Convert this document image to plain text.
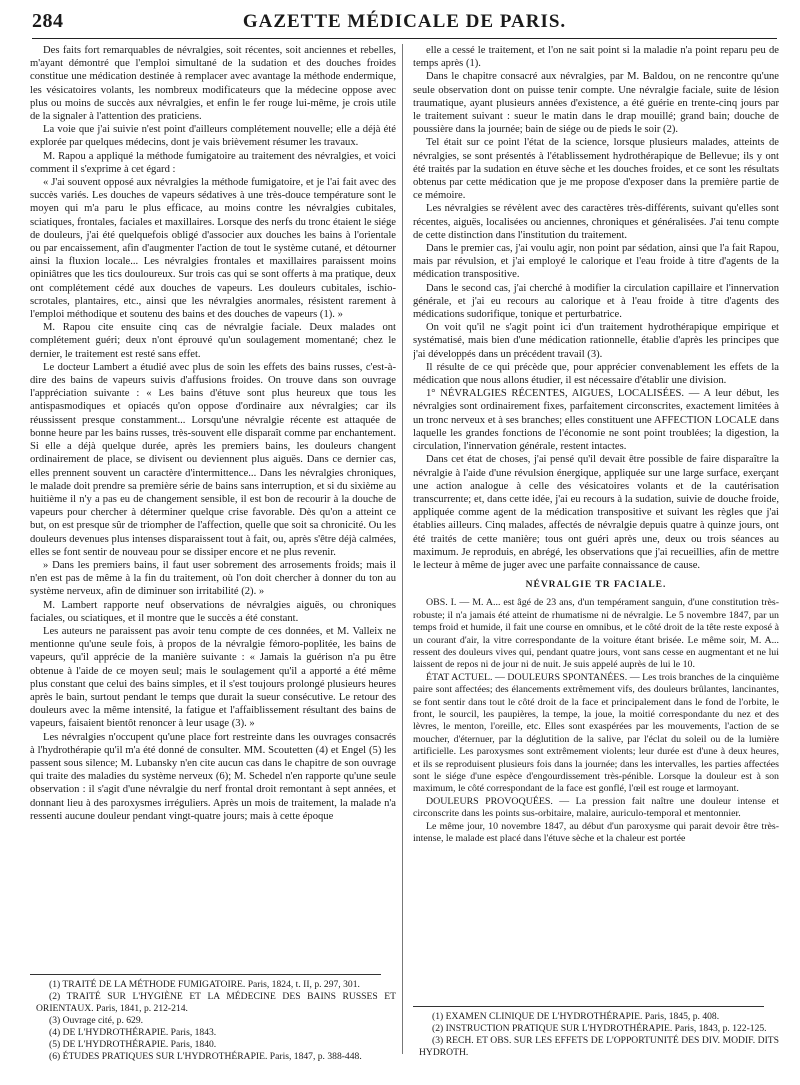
284	GAZETTE MÉDICALE DE PARIS.

Des faits fort remarquables de névralgies, soit récentes, soit anciennes et rebelles, m'ayant démontré que l'emploi simultané de la sudation et des douches froides constitue une médication destinée à remplacer avec avantage la méthode endermique, les vésicatoires volants, les nombreux modificateurs que la médecine oppose avec plus ou moins de succès aux névralgies, et enfin le fer rouge lui-même, je crois utile de la signaler à l'attention des praticiens.

La voie que j'ai suivie n'est point d'ailleurs complétement nouvelle; elle a déjà été explorée par quelques médecins, dont je vais brièvement résumer les travaux.

M. Rapou a appliqué la méthode fumigatoire au traitement des névralgies, et voici comment il s'exprime à cet égard :

« J'ai souvent opposé aux névralgies la méthode fumigatoire, et je l'ai fait avec des succès variés. Les douches de vapeurs sédatives à une très-douce température sont le moyen qui m'a paru le plus efficace, au moins contre les névralgies cubitales, sciatiques, frontales, faciales et maxillaires. Lorsque des nerfs du tronc étaient le siége de douleurs, j'ai été quelquefois obligé d'associer aux douches les bains à l'orientale ou par encaissement, afin d'augmenter l'action de tout le système cutané, et détourner ainsi la fluxion locale... Les névralgies frontales et maxillaires paraissent moins opiniâtres que les tics douloureux. Sur trois cas qui se sont offerts à ma pratique, deux ont complétement cédé aux douches de vapeurs. Les douleurs cubitales, ischio-scrotales, plantaires, etc., ainsi que les névralgies anormales, résistent rarement à l'emploi méthodique et soutenu des bains et des douches de vapeurs (1). »

M. Rapou cite ensuite cinq cas de névralgie faciale. Deux malades ont complétement guéri; deux n'ont éprouvé qu'un soulagement momentané; chez le dernier, le traitement est resté sans effet.

Le docteur Lambert a étudié avec plus de soin les effets des bains russes, c'est-à-dire des bains de vapeurs suivis d'affusions froides. On trouve dans son ouvrage l'appréciation suivante : « Les bains d'étuve sont plus heureux que tous les antispasmodiques et opiacés qu'on oppose d'ordinaire aux névralgies; car ils réussissent presque constamment... Lorsqu'une névralgie récente est attaquée de bonne heure par les bains russes, très-souvent elle disparaît comme par enchantement. Si elle a déjà quelque durée, après les premiers bains, les douleurs changent ordinairement de place, se divisent ou deviennent plus aiguës. Dans ce dernier cas, elles prennent souvent un caractère d'intermittence... Dans les névralgies chroniques, le malade doit prendre sa première série de bains sans interruption, et si du sixième au huitième il n'y a pas eu de changement sensible, il est bon de recourir à la douche de vapeurs pour chercher à déterminer quelque crise favorable. Dès qu'on a atteint ce but, on est presque sûr de triompher de l'affection, quelle que soit sa chronicité. Ou les douleurs devenues plus intenses disparaissent tout à fait, ou, après s'être déjà calmées, elles se font sentir de nouveau pour se dissiper encore et ne plus revenir.

» Dans les premiers bains, il faut user sobrement des arrosements froids; mais il n'en est pas de même à la fin du traitement, où l'on doit chercher à donner du ton au système nerveux, afin de diminuer son irritabilité (2). »

M. Lambert rapporte neuf observations de névralgies aiguës, ou chroniques faciales, ou sciatiques, et il montre que le succès a été constant.

Les auteurs ne paraissent pas avoir tenu compte de ces données, et M. Valleix ne mentionne qu'une seule fois, à propos de la névralgie fémoro-poplitée, les bains de vapeurs, qu'il apprécie de la manière suivante : « Jamais la guérison n'a pu être obtenue à l'aide de ce moyen seul; mais le soulagement qu'il a apporté a été même plus constant que celui des bains simples, et il s'est toujours prolongé plusieurs heures après le bain, surtout pendant le temps que durait la sueur consécutive. Le retour des douleurs avec la même intensité, la fatigue et l'affaiblissement résultant des bains de vapeurs, faisaient bientôt renoncer à leur usage (3). »

Les névralgies n'occupent qu'une place fort restreinte dans les ouvrages consacrés à l'hydrothérapie qu'il m'a été donné de consulter. MM. Scoutetten (4) et Engel (5) les passent sous silence; M. Lubansky n'en cite aucun cas dans le chapitre de son ouvrage qui traite des maladies du système nerveux (6); M. Schedel n'en rapporte qu'une seule observation : il s'agit d'une névralgie du nerf frontal droit remontant à sept années, et donnant lieu à des paroxysmes irréguliers. Après un mois de traitement, la malade n'a ressenti aucune douleur pendant vingt-quatre jours; mais à cette époque

(1) TRAITÉ DE LA MÉTHODE FUMIGATOIRE. Paris, 1824, t. II, p. 297, 301.

(2) TRAITÉ SUR L'HYGIÈNE ET LA MÉDECINE DES BAINS RUSSES ET ORIENTAUX. Paris, 1841, p. 212-214.

(3) Ouvrage cité, p. 629.

(4) DE L'HYDROTHÉRAPIE. Paris, 1843.

(5) DE L'HYDROTHÉRAPIE. Paris, 1840.

(6) ÉTUDES PRATIQUES SUR L'HYDROTHÉRAPIE. Paris, 1847, p. 388-448.

elle a cessé le traitement, et l'on ne sait point si la maladie n'a point reparu peu de temps après (1).

Dans le chapitre consacré aux névralgies, par M. Baldou, on ne rencontre qu'une seule observation dont on puisse tenir compte. Une névralgie faciale, suite de lésion traumatique, ayant plusieurs années d'existence, a été guérie en trente-cinq jours par le traitement suivant : sueur le matin dans le drap mouillé; grand bain; douche de poussière dans la journée; bain de siége ou de pieds le soir (2).

Tel était sur ce point l'état de la science, lorsque plusieurs malades, atteints de névralgies, se sont présentés à l'établissement hydrothérapique de Bellevue; ils y ont été traités par la sudation en étuve sèche et les douches froides, et ce sont les résultats obtenus par cette médication que je me propose d'exposer dans la première partie de ce mémoire.

Les névralgies se révèlent avec des caractères très-différents, suivant qu'elles sont récentes, aiguës, localisées ou anciennes, chroniques et généralisées. J'ai tenu compte de cette distinction dans l'institution du traitement.

Dans le premier cas, j'ai voulu agir, non point par sédation, ainsi que l'a fait Rapou, mais par révulsion, et j'ai employé le calorique et l'eau froide à titre d'agents de la médication transpositive.

Dans le second cas, j'ai cherché à modifier la circulation capillaire et l'innervation générale, et j'ai eu recours au calorique et à l'eau froide à titre d'agents des médications sudorifique, tonique et perturbatrice.

On voit qu'il ne s'agit point ici d'un traitement hydrothérapique empirique et systématisé, mais bien d'une médication rationnelle, établie d'après les principes que j'ai développés dans un précédent travail (3).

Il résulte de ce qui précède que, pour apprécier convenablement les effets de la médication que nous allons étudier, il est nécessaire d'établir une division.

1° NÉVRALGIES RÉCENTES, AIGUES, LOCALISÉES. — A leur début, les névralgies sont ordinairement fixes, parfaitement circonscrites, exactement limitées à un tronc nerveux et à ses branches; elles constituent une AFFECTION LOCALE dans laquelle les grandes fonctions de l'économie ne sont point troublées; la digestion, la circulation, l'innervation générale, restent intactes.

Dans cet état de choses, j'ai pensé qu'il devait être possible de faire disparaître la névralgie à l'aide d'une révulsion énergique, appliquée sur une large surface, exerçant une action analogue à celle des vésicatoires volants et de la cautérisation transcurrente; et, dans cette idée, j'ai eu recours à la sudation, suivie de douche froide, appliquée comme agent de la médication transpositive et suivant les règles que j'ai établies ailleurs. Cinq malades, affectés de névralgie depuis quatre à quinze jours, ont été traités de cette manière; tous ont guéri après une, deux ou trois séances au maximum. Je reproduis, en abrégé, les observations que j'ai recueillies, afin de mettre le lecteur à même de juger avec une parfaite connaissance de cause.

NÉVRALGIE TR FACIALE.

OBS. I. — M. A... est âgé de 23 ans, d'un tempérament sanguin, d'une constitution très-robuste; il n'a jamais été atteint de rhumatisme ni de névralgie. Le 5 novembre 1847, par un temps froid et humide, il fait une course en omnibus, et le côté droit de la tête reste exposé à un courant d'air, la vitre correspondante de la voiture étant brisée. Le même soir, M. A... ressent des douleurs vives qui, pendant quatre jours, vont sans cesse en augmentant et ne lui laissent de repos ni de jour ni de nuit. Je suis appelé auprès de lui le 10.

ÉTAT ACTUEL. — DOULEURS SPONTANÉES. — Les trois branches de la cinquième paire sont affectées; des élancements extrêmement vifs, des douleurs brûlantes, lancinantes, se font sentir dans tout le côté droit de la face et principalement dans le fond de l'orbite, le front, le sourcil, les paupières, la tempe, la joue, la moitié correspondante du nez et des lèvres, le menton, l'oreille, etc. Elles sont exaspérées par les mouvements, l'action de se moucher, d'éternuer, par la déglutition de la salive, par l'éclat du soleil ou de la lumière artificielle. Les paroxysmes sont extrêmement violents; leur durée est d'une à deux heures, et ils se reproduisent plusieurs fois dans la journée; dans les intervalles, les parties affectées sont le siége d'une espèce d'engourdissement très-pénible. Lorsque la douleur est à son maximum, le côté correspondant de la face est gonflé, l'œil est rouge et larmoyant.

DOULEURS PROVOQUÉES. — La pression fait naître une douleur intense et circonscrite dans les points sus-orbitaire, malaire, auriculo-temporal et mentonnier.

Le même jour, 10 novembre 1847, au début d'un paroxysme qui parait devoir être très-intense, le malade est placé dans l'étuve sèche et la chaleur est portée

(1) EXAMEN CLINIQUE DE L'HYDROTHÉRAPIE. Paris, 1845, p. 408.

(2) INSTRUCTION PRATIQUE SUR L'HYDROTHÉRAPIE. Paris, 1843, p. 122-125.

(3) RECH. ET OBS. SUR LES EFFETS DE L'OPPORTUNITÉ DES DIV. MODIF. DITS HYDROTH.
